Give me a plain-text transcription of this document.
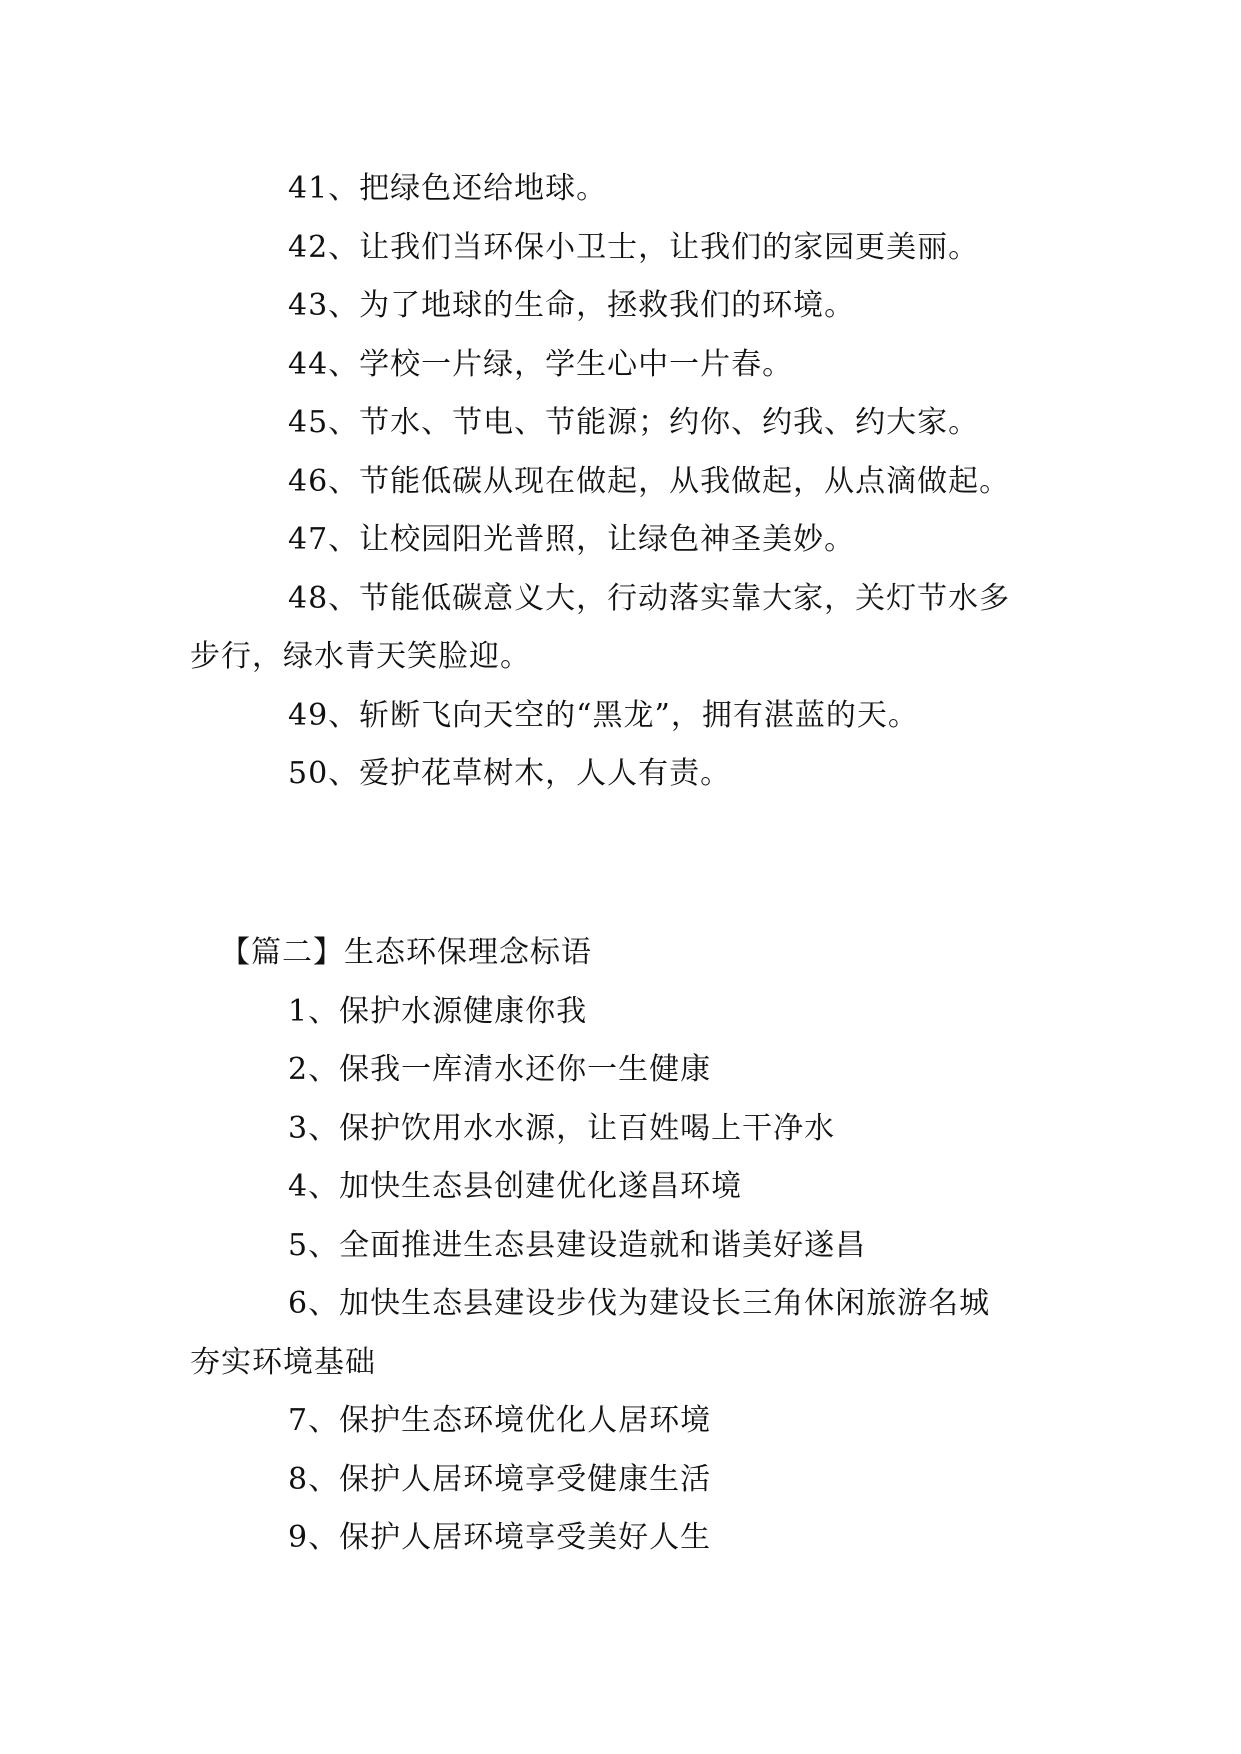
41、把绿色还给地球。
42、让我们当环保小卫士，让我们的家园更美丽。
43、为了地球的生命，拯救我们的环境。
44、学校一片绿，学生心中一片春。
45、节水、节电、节能源；约你、约我、约大家。
46、节能低碳从现在做起，从我做起，从点滴做起。
47、让校园阳光普照，让绿色神圣美妙。
48、节能低碳意义大，行动落实靠大家，关灯节水多
步行，绿水青天笑脸迎。
49、斩断飞向天空的“黑龙”，拥有湛蓝的天。
50、爱护花草树木，人人有责。
【篇二】生态环保理念标语
1、保护水源健康你我
2、保我一库清水还你一生健康
3、保护饮用水水源，让百姓喝上干净水
4、加快生态县创建优化遂昌环境
5、全面推进生态县建设造就和谐美好遂昌
6、加快生态县建设步伐为建设长三角休闲旅游名城
夯实环境基础
7、保护生态环境优化人居环境
8、保护人居环境享受健康生活
9、保护人居环境享受美好人生
